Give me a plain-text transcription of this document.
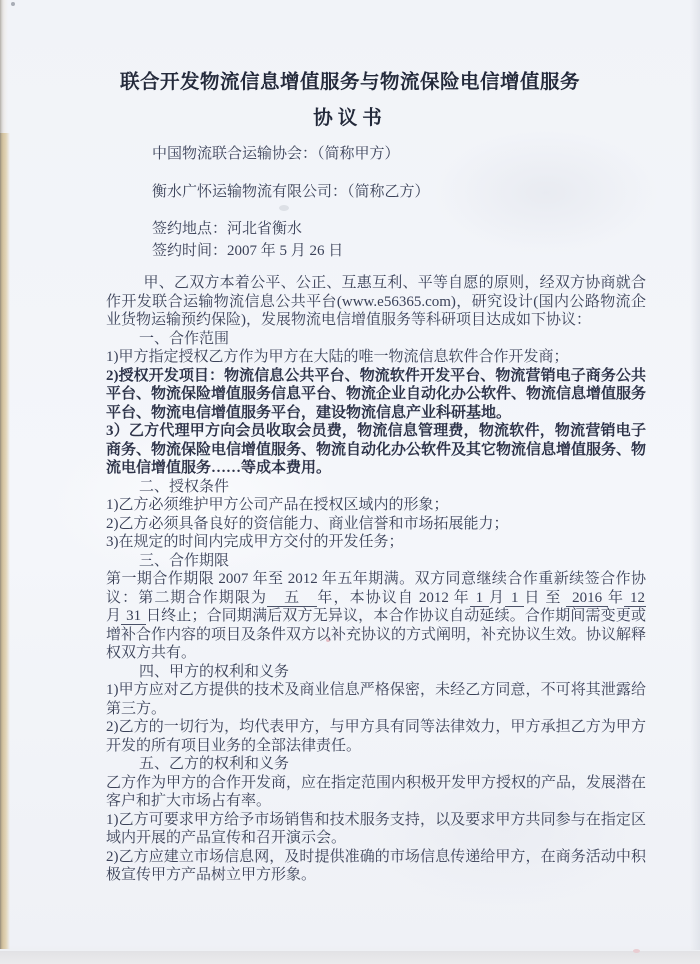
联合开发物流信息增值服务与物流保险电信增值服务
协议书

中国物流联合运输协会：（简称甲方）

衡水广怀运输物流有限公司：（简称乙方）

签约地点：河北省衡水

签约时间：2007 年 5 月 26 日

甲、乙双方本着公平、公正、互惠互利、平等自愿的原则，经双方协商就合作开发联合运输物流信息公共平台(www.e56365.com)，研究设计(国内公路物流企业货物运输预约保险)，发展物流电信增值服务等科研项目达成如下协议：

一、合作范围

1)甲方指定授权乙方作为甲方在大陆的唯一物流信息软件合作开发商；

2)授权开发项目：物流信息公共平台、物流软件开发平台、物流营销电子商务公共平台、物流保险增值服务信息平台、物流企业自动化办公软件、物流信息增值服务平台、物流电信增值服务平台，建设物流信息产业科研基地。

3）乙方代理甲方向会员收取会员费，物流信息管理费，物流软件，物流营销电子商务、物流保险电信增值服务、物流自动化办公软件及其它物流信息增值服务、物流电信增值服务……等成本费用。

二、授权条件

1)乙方必须维护甲方公司产品在授权区域内的形象；

2)乙方必须具备良好的资信能力、商业信誉和市场拓展能力；

3)在规定的时间内完成甲方交付的开发任务；

三、合作期限

第一期合作期限 2007 年至 2012 年五年期满。双方同意继续合作重新续签合作协议：第二期合作期限为　五　年，本协议自 2012 年 1 月 1 日 至  2016 年 12 月 31 日终止；合同期满后双方无异议，本合作协议自动延续。合作期间需变更或增补合作内容的项目及条件双方以补充协议的方式阐明，补充协议生效。协议解释权双方共有。

四、甲方的权利和义务

1)甲方应对乙方提供的技术及商业信息严格保密，未经乙方同意，不可将其泄露给第三方。

2)乙方的一切行为，均代表甲方，与甲方具有同等法律效力，甲方承担乙方为甲方开发的所有项目业务的全部法律责任。

五、乙方的权利和义务

乙方作为甲方的合作开发商，应在指定范围内积极开发甲方授权的产品，发展潜在客户和扩大市场占有率。

1)乙方可要求甲方给予市场销售和技术服务支持，以及要求甲方共同参与在指定区域内开展的产品宣传和召开演示会。

2)乙方应建立市场信息网，及时提供准确的市场信息传递给甲方，在商务活动中积极宣传甲方产品树立甲方形象。
